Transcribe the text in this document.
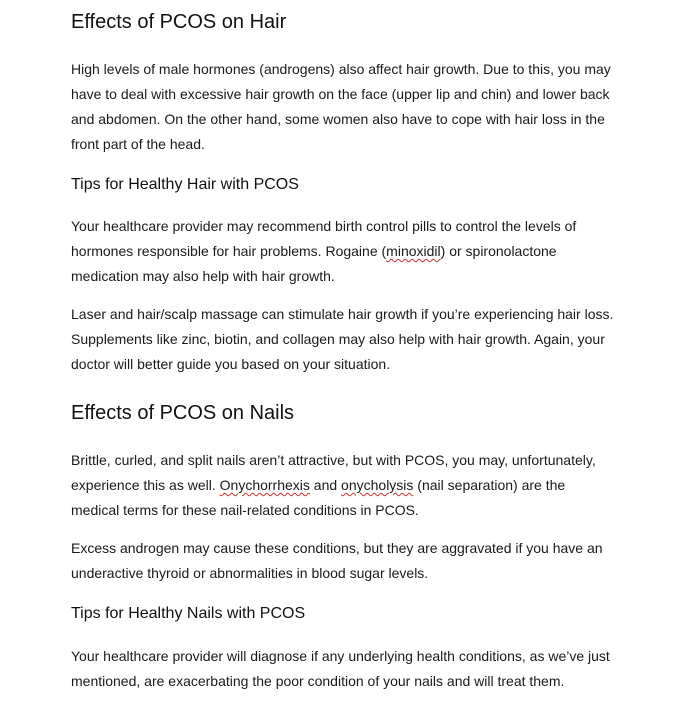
Effects of PCOS on Hair

High levels of male hormones (androgens) also affect hair growth. Due to this, you may
have to deal with excessive hair growth on the face (upper lip and chin) and lower back
and abdomen. On the other hand, some women also have to cope with hair loss in the
front part of the head.

Tips for Healthy Hair with PCOS

Your healthcare provider may recommend birth control pills to control the levels of
hormones responsible for hair problems. Rogaine (minoxidil) or spironolactone
medication may also help with hair growth.

Laser and hair/scalp massage can stimulate hair growth if you’re experiencing hair loss.
Supplements like zinc, biotin, and collagen may also help with hair growth. Again, your
doctor will better guide you based on your situation.

Effects of PCOS on Nails

Brittle, curled, and split nails aren’t attractive, but with PCOS, you may, unfortunately,
experience this as well. Onychorrhexis and onycholysis (nail separation) are the
medical terms for these nail-related conditions in PCOS.

Excess androgen may cause these conditions, but they are aggravated if you have an
underactive thyroid or abnormalities in blood sugar levels.

Tips for Healthy Nails with PCOS

Your healthcare provider will diagnose if any underlying health conditions, as we’ve just
mentioned, are exacerbating the poor condition of your nails and will treat them.
